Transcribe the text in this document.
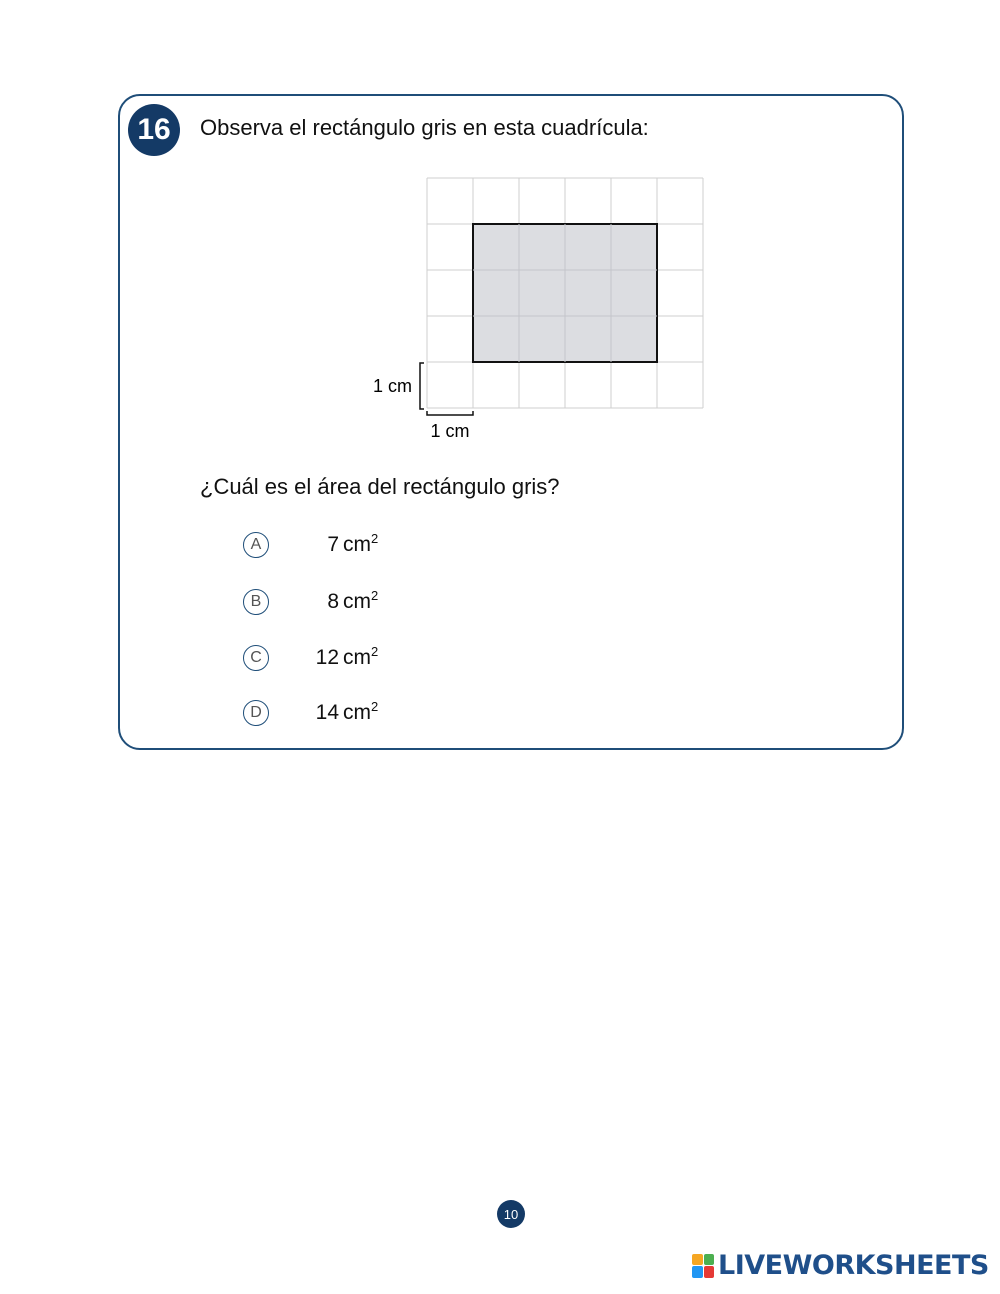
16 Observa el rectángulo gris en esta cuadrícula:
1 cm
1 cm
¿Cuál es el área del rectángulo gris?
A	7 $cm^2$
B	8 $cm^2$
C	12 $cm^2$
D	14 $cm^2$
10
LIVEWORKSHEETS
